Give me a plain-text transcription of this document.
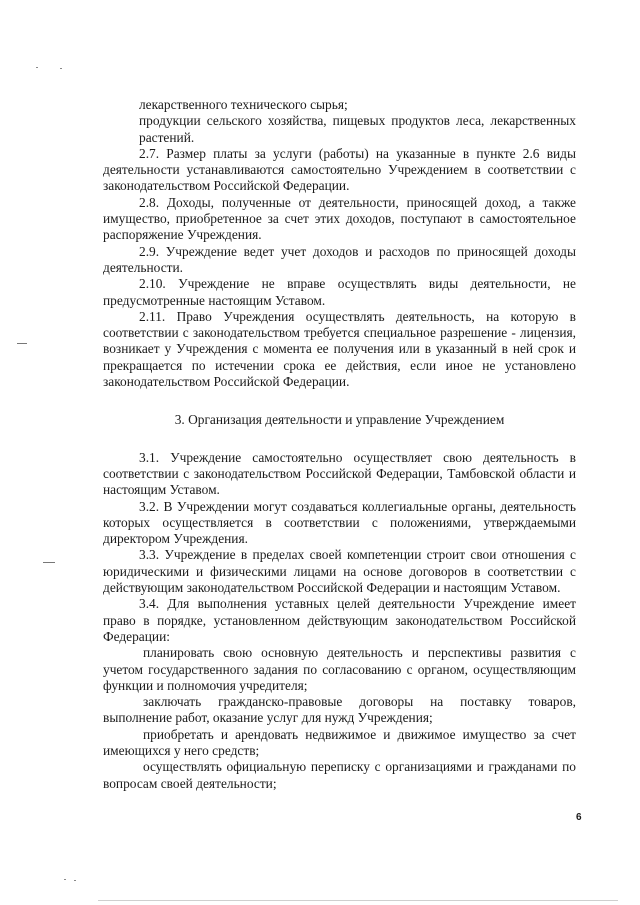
лекарственного технического сырья;

продукции сельского хозяйства, пищевых продуктов леса, лекарственных растений.

2.7. Размер платы за услуги (работы) на указанные в пункте 2.6 виды деятельности устанавливаются самостоятельно Учреждением в соответствии с законодательством Российской Федерации.

2.8. Доходы, полученные от деятельности, приносящей доход, а также имущество, приобретенное за счет этих доходов, поступают в самостоятельное распоряжение Учреждения.

2.9. Учреждение ведет учет доходов и расходов по приносящей доходы деятельности.

2.10. Учреждение не вправе осуществлять виды деятельности, не предусмотренные настоящим Уставом.

2.11. Право Учреждения осуществлять деятельность, на которую в соответствии с законодательством требуется специальное разрешение - лицензия, возникает у Учреждения с момента ее получения или в указанный в ней срок и прекращается по истечении срока ее действия, если иное не установлено законодательством Российской Федерации.

3. Организация деятельности и управление Учреждением

3.1. Учреждение самостоятельно осуществляет свою деятельность в соответствии с законодательством Российской Федерации, Тамбовской области и настоящим Уставом.

3.2. В Учреждении могут создаваться коллегиальные органы, деятельность которых осуществляется в соответствии с положениями, утверждаемыми директором Учреждения.

3.3. Учреждение в пределах своей компетенции строит свои отношения с юридическими и физическими лицами на основе договоров в соответствии с действующим законодательством Российской Федерации и настоящим Уставом.

3.4. Для выполнения уставных целей деятельности Учреждение имеет право в порядке, установленном действующим законодательством Российской Федерации:

планировать свою основную деятельность и перспективы развития с учетом государственного задания по согласованию с органом, осуществляющим функции и полномочия учредителя;

заключать гражданско-правовые договоры на поставку товаров, выполнение работ, оказание услуг для нужд Учреждения;

приобретать и арендовать недвижимое и движимое имущество за счет имеющихся у него средств;

осуществлять официальную переписку с организациями и гражданами по вопросам своей деятельности;

6
